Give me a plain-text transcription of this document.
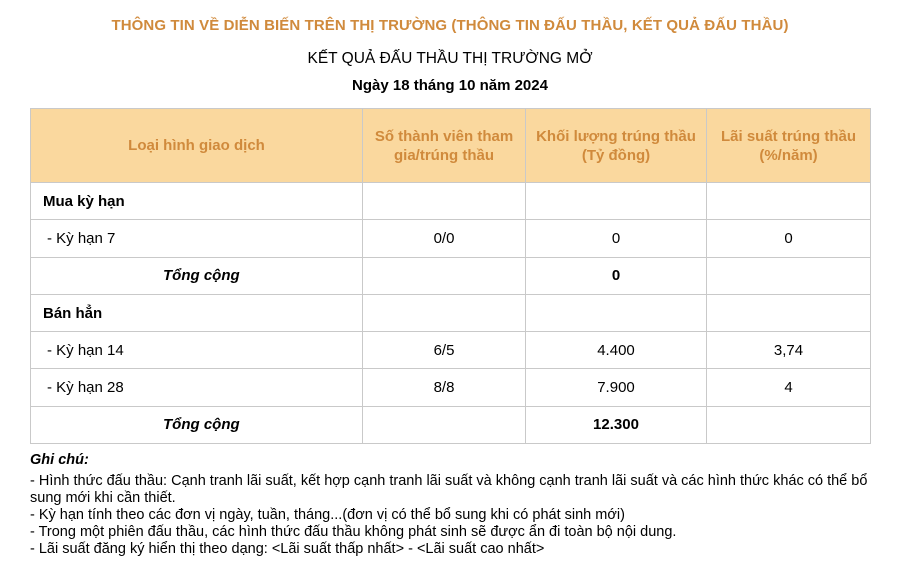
THÔNG TIN VỀ DIỄN BIẾN TRÊN THỊ TRƯỜNG (THÔNG TIN ĐẤU THẦU, KẾT QUẢ ĐẤU THẦU)
KẾT QUẢ ĐẤU THẦU THỊ TRƯỜNG MỞ
Ngày 18 tháng 10 năm 2024
Loại hình giao dịch	Số thành viên tham gia/trúng thầu	Khối lượng trúng thầu (Tỷ đồng)	Lãi suất trúng thầu (%/năm)
Mua kỳ hạn			
- Kỳ hạn 7	0/0	0	0
Tổng cộng		0	
Bán hẳn			
- Kỳ hạn 14	6/5	4.400	3,74
- Kỳ hạn 28	8/8	7.900	4
Tổng cộng		12.300	
Ghi chú:
- Hình thức đấu thầu: Cạnh tranh lãi suất, kết hợp cạnh tranh lãi suất và không cạnh tranh lãi suất và các hình thức khác có thể bổ sung mới khi cần thiết.
- Kỳ hạn tính theo các đơn vị ngày, tuần, tháng...(đơn vị có thể bổ sung khi có phát sinh mới)
- Trong một phiên đấu thầu, các hình thức đấu thầu không phát sinh sẽ được ẩn đi toàn bộ nội dung.
- Lãi suất đăng ký hiển thị theo dạng: <Lãi suất thấp nhất> - <Lãi suất cao nhất>
